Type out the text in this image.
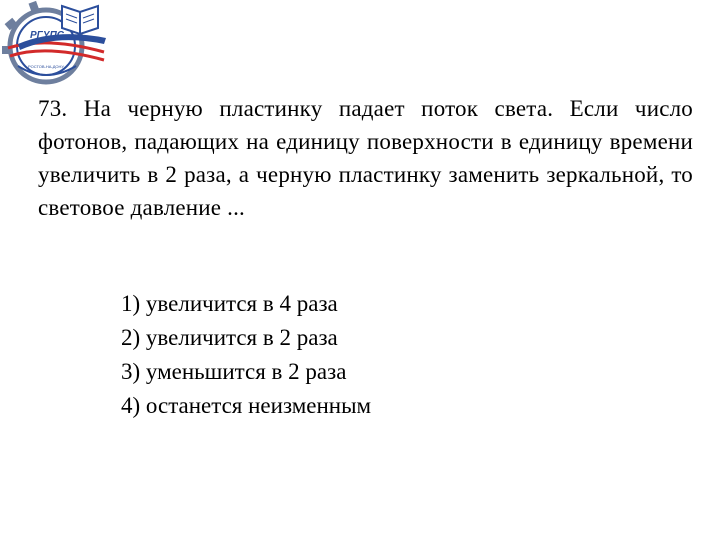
РГУПС
РОСТОВ-НА-ДОНУ
73. На черную пластинку падает поток света. Если число фотонов, падающих на единицу поверхности в единицу времени увеличить в 2 раза, а черную пластинку заменить зеркальной, то световое давление ...
1) увеличится в 4 раза
2) увеличится в 2 раза
3) уменьшится в 2 раза
4) останется неизменным
